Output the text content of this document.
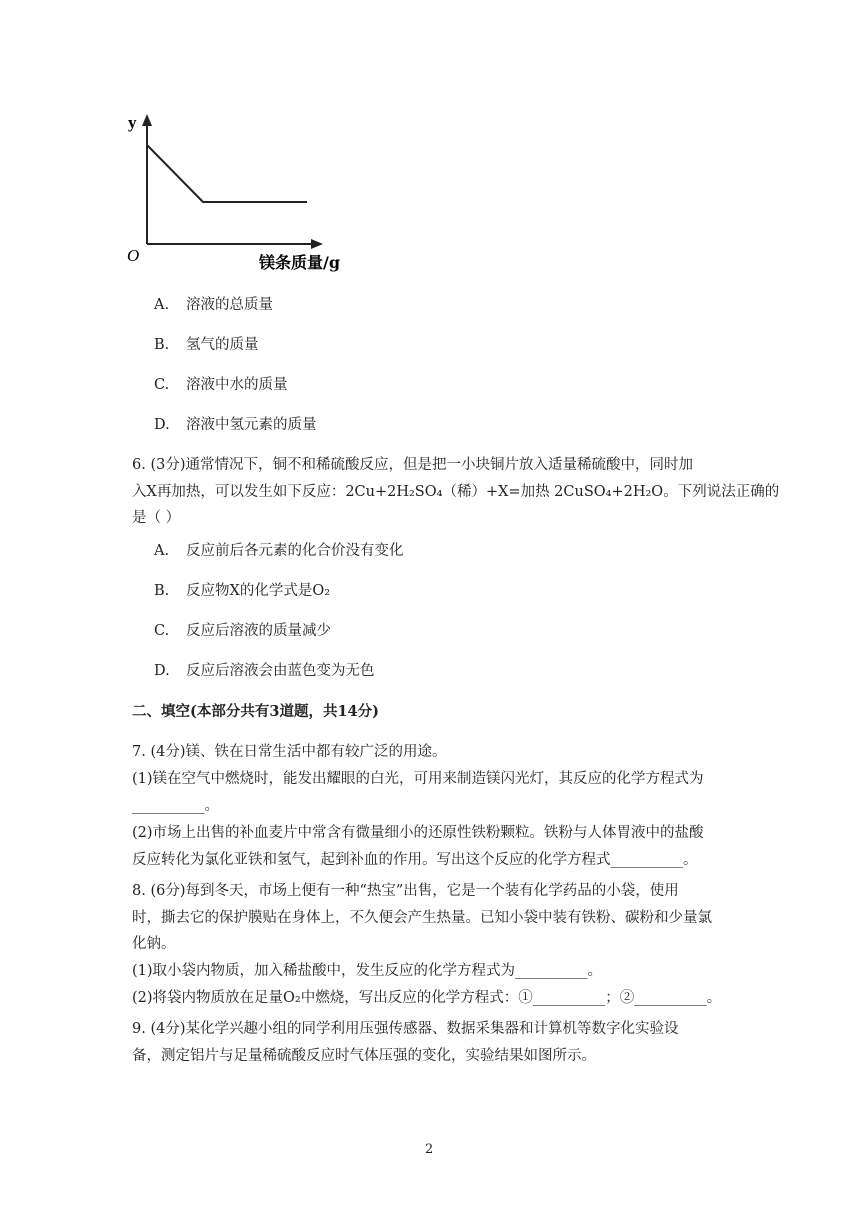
y
O	镁条质量/g
A. 溶液的总质量
B. 氢气的质量
C. 溶液中水的质量
D. 溶液中氢元素的质量
6. (3分)通常情况下，铜不和稀硫酸反应，但是把一小块铜片放入适量稀硫酸中，同时加
入X再加热，可以发生如下反应：2Cu+2H₂SO₄（稀）+X=加热 2CuSO₄+2H₂O。下列说法正确的
是（ ）
A. 反应前后各元素的化合价没有变化
B. 反应物X的化学式是O₂
C. 反应后溶液的质量减少
D. 反应后溶液会由蓝色变为无色
二、填空(本部分共有3道题，共14分)
7. (4分)镁、铁在日常生活中都有较广泛的用途。
(1)镁在空气中燃烧时，能发出耀眼的白光，可用来制造镁闪光灯，其反应的化学方程式为
__________。
(2)市场上出售的补血麦片中常含有微量细小的还原性铁粉颗粒。铁粉与人体胃液中的盐酸
反应转化为氯化亚铁和氢气，起到补血的作用。写出这个反应的化学方程式__________。
8. (6分)每到冬天，市场上便有一种“热宝”出售，它是一个装有化学药品的小袋，使用
时，撕去它的保护膜贴在身体上，不久便会产生热量。已知小袋中装有铁粉、碳粉和少量氯
化钠。
(1)取小袋内物质，加入稀盐酸中，发生反应的化学方程式为__________。
(2)将袋内物质放在足量O₂中燃烧，写出反应的化学方程式：①__________；②__________。
9. (4分)某化学兴趣小组的同学利用压强传感器、数据采集器和计算机等数字化实验设
备，测定铝片与足量稀硫酸反应时气体压强的变化，实验结果如图所示。
2
